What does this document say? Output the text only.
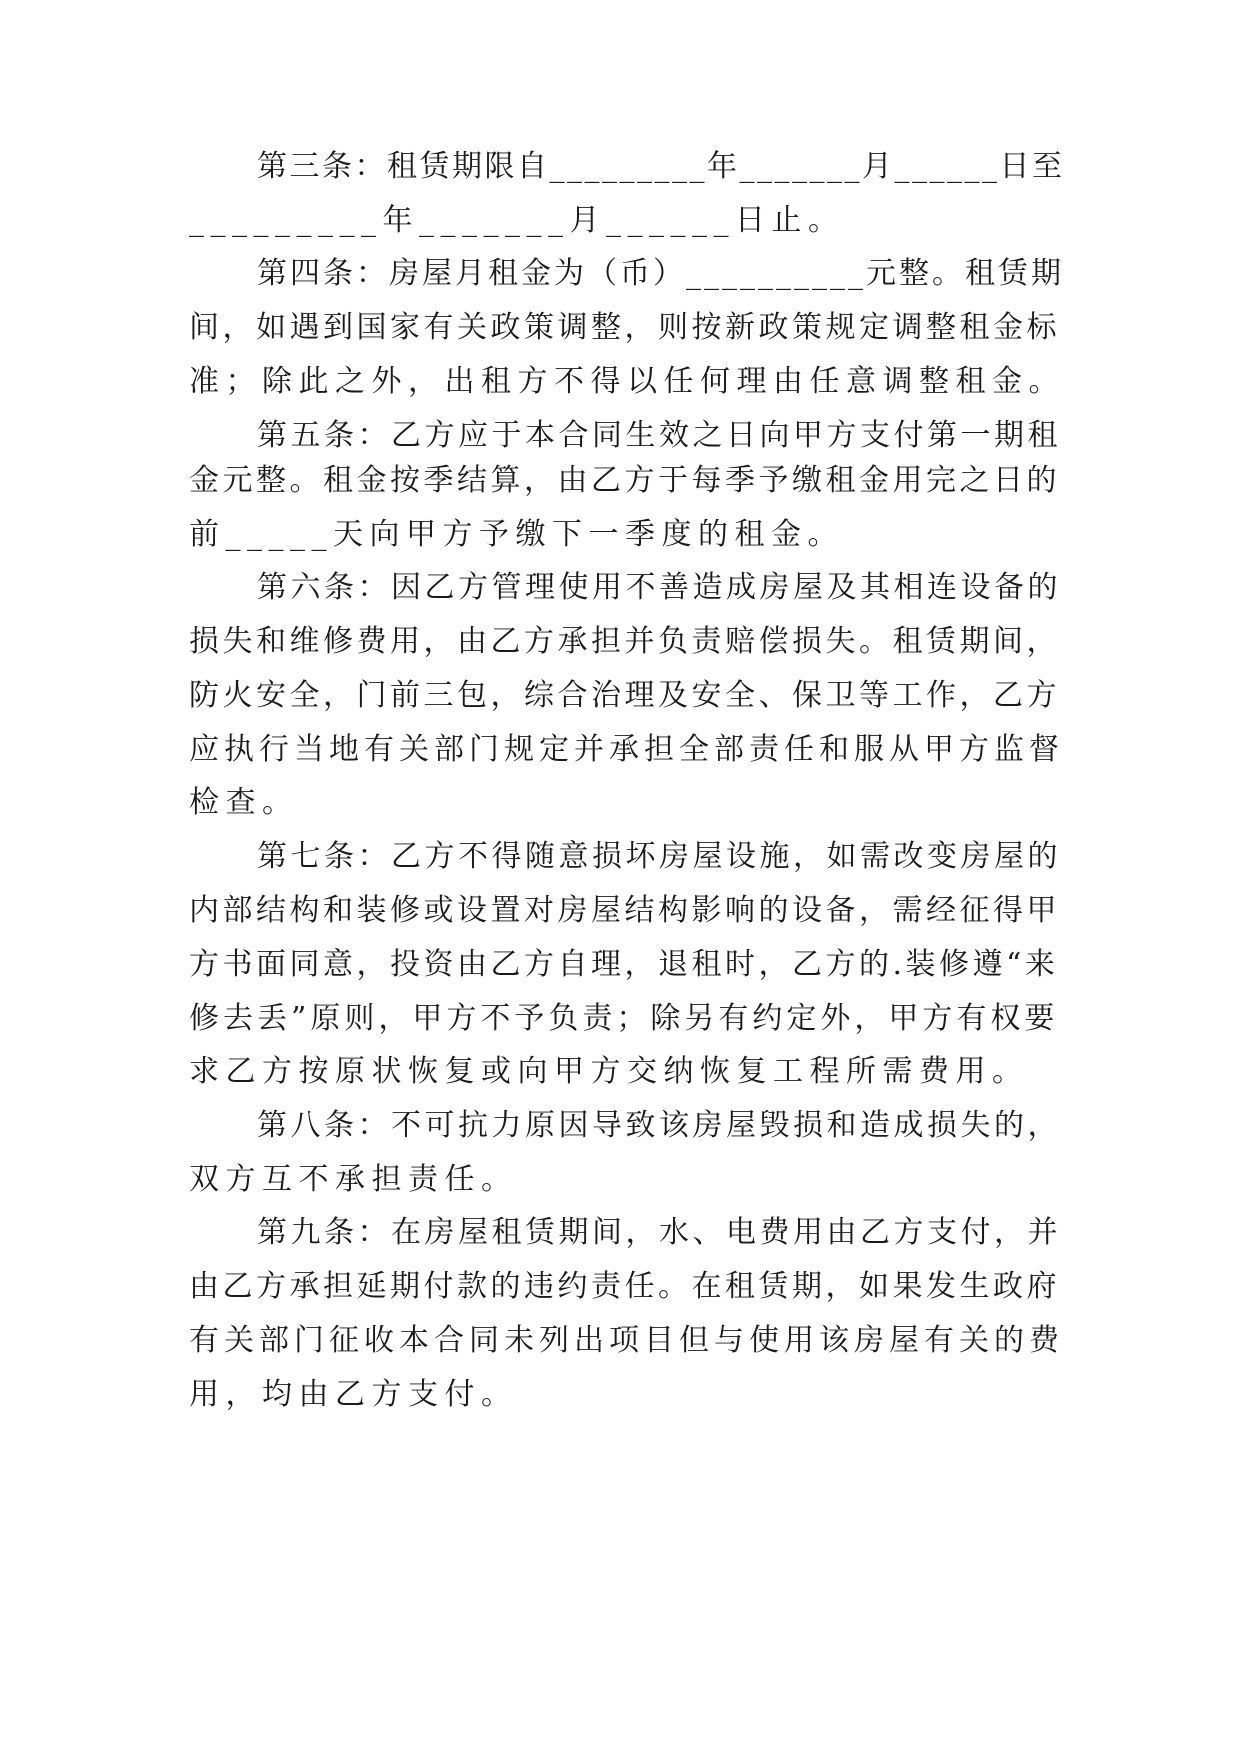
第三条：租赁期限自_________年_______月______日至
_________年_______月______日止。
第四条：房屋月租金为（币）__________元整。租赁期
间，如遇到国家有关政策调整，则按新政策规定调整租金标
准；除此之外，出租方不得以任何理由任意调整租金。
第五条：乙方应于本合同生效之日向甲方支付第一期租
金元整。租金按季结算，由乙方于每季予缴租金用完之日的
前_____天向甲方予缴下一季度的租金。
第六条：因乙方管理使用不善造成房屋及其相连设备的
损失和维修费用，由乙方承担并负责赔偿损失。租赁期间，
防火安全，门前三包，综合治理及安全、保卫等工作，乙方
应执行当地有关部门规定并承担全部责任和服从甲方监督
检查。
第七条：乙方不得随意损坏房屋设施，如需改变房屋的
内部结构和装修或设置对房屋结构影响的设备，需经征得甲
方书面同意，投资由乙方自理，退租时，乙方的.装修遵“来
修去丢”原则，甲方不予负责；除另有约定外，甲方有权要
求乙方按原状恢复或向甲方交纳恢复工程所需费用。
第八条：不可抗力原因导致该房屋毁损和造成损失的，
双方互不承担责任。
第九条：在房屋租赁期间，水、电费用由乙方支付，并
由乙方承担延期付款的违约责任。在租赁期，如果发生政府
有关部门征收本合同未列出项目但与使用该房屋有关的费
用，均由乙方支付。
